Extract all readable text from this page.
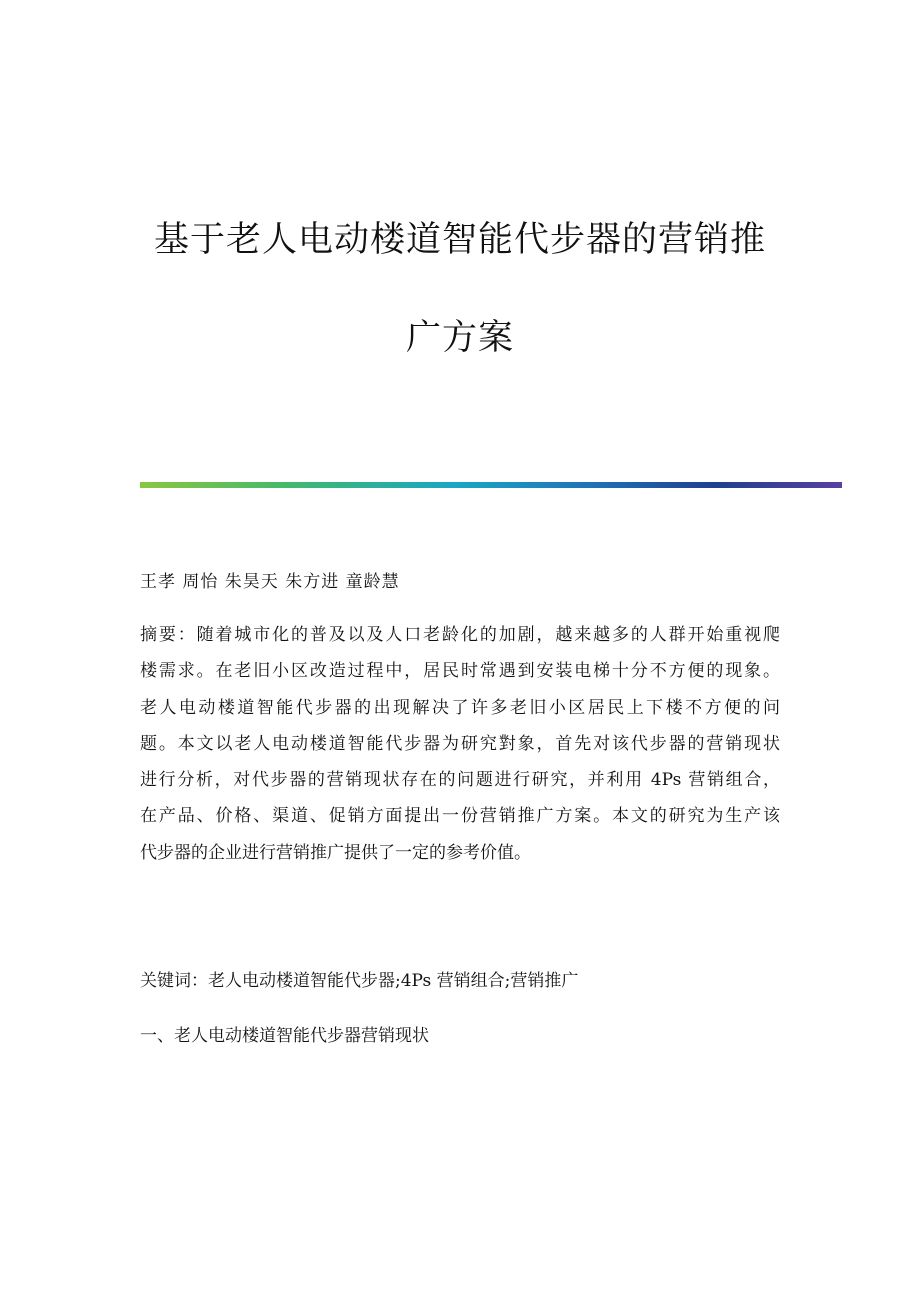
基于老人电动楼道智能代步器的营销推
广方案
王孝 周怡 朱昊天 朱方进 童龄慧
摘要：随着城市化的普及以及人口老龄化的加剧，越来越多的人群开始重视爬
楼需求。在老旧小区改造过程中，居民时常遇到安装电梯十分不方便的现象。
老人电动楼道智能代步器的出现解决了许多老旧小区居民上下楼不方便的问
题。本文以老人电动楼道智能代步器为研究對象，首先对该代步器的营销现状
进行分析，对代步器的营销现状存在的问题进行研究，并利用 4Ps 营销组合，
在产品、价格、渠道、促销方面提出一份营销推广方案。本文的研究为生产该
代步器的企业进行营销推广提供了一定的参考价值。
关键词：老人电动楼道智能代步器;4Ps 营销组合;营销推广
一、老人电动楼道智能代步器营销现状
